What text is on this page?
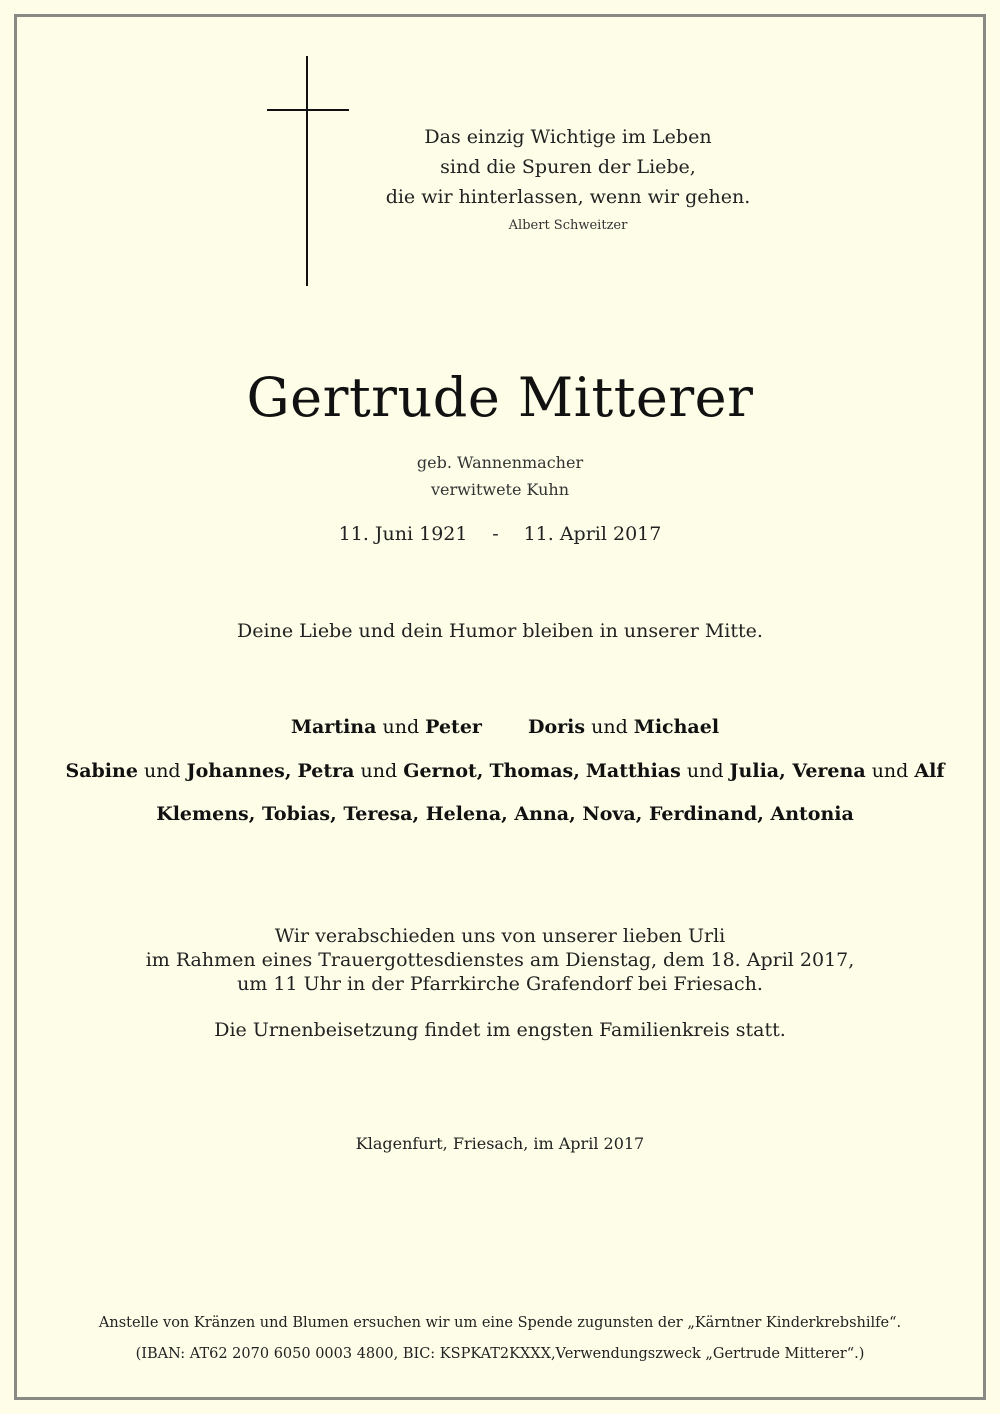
Das einzig Wichtige im Leben
sind die Spuren der Liebe,
die wir hinterlassen, wenn wir gehen.
Albert Schweitzer
Gertrude Mitterer
geb. Wannenmacher
verwitwete Kuhn
11. Juni 1921 - 11. April 2017
Deine Liebe und dein Humor bleiben in unserer Mitte.
Martina und Peter Doris und Michael
Sabine und Johannes, Petra und Gernot, Thomas, Matthias und Julia, Verena und Alf
Klemens, Tobias, Teresa, Helena, Anna, Nova, Ferdinand, Antonia
Wir verabschieden uns von unserer lieben Urli
im Rahmen eines Trauergottesdienstes am Dienstag, dem 18. April 2017,
um 11 Uhr in der Pfarrkirche Grafendorf bei Friesach.
Die Urnenbeisetzung findet im engsten Familienkreis statt.
Klagenfurt, Friesach, im April 2017
Anstelle von Kränzen und Blumen ersuchen wir um eine Spende zugunsten der „Kärntner Kinderkrebshilfe“.
(IBAN: AT62 2070 6050 0003 4800, BIC: KSPKAT2KXXX,Verwendungszweck „Gertrude Mitterer“.)
